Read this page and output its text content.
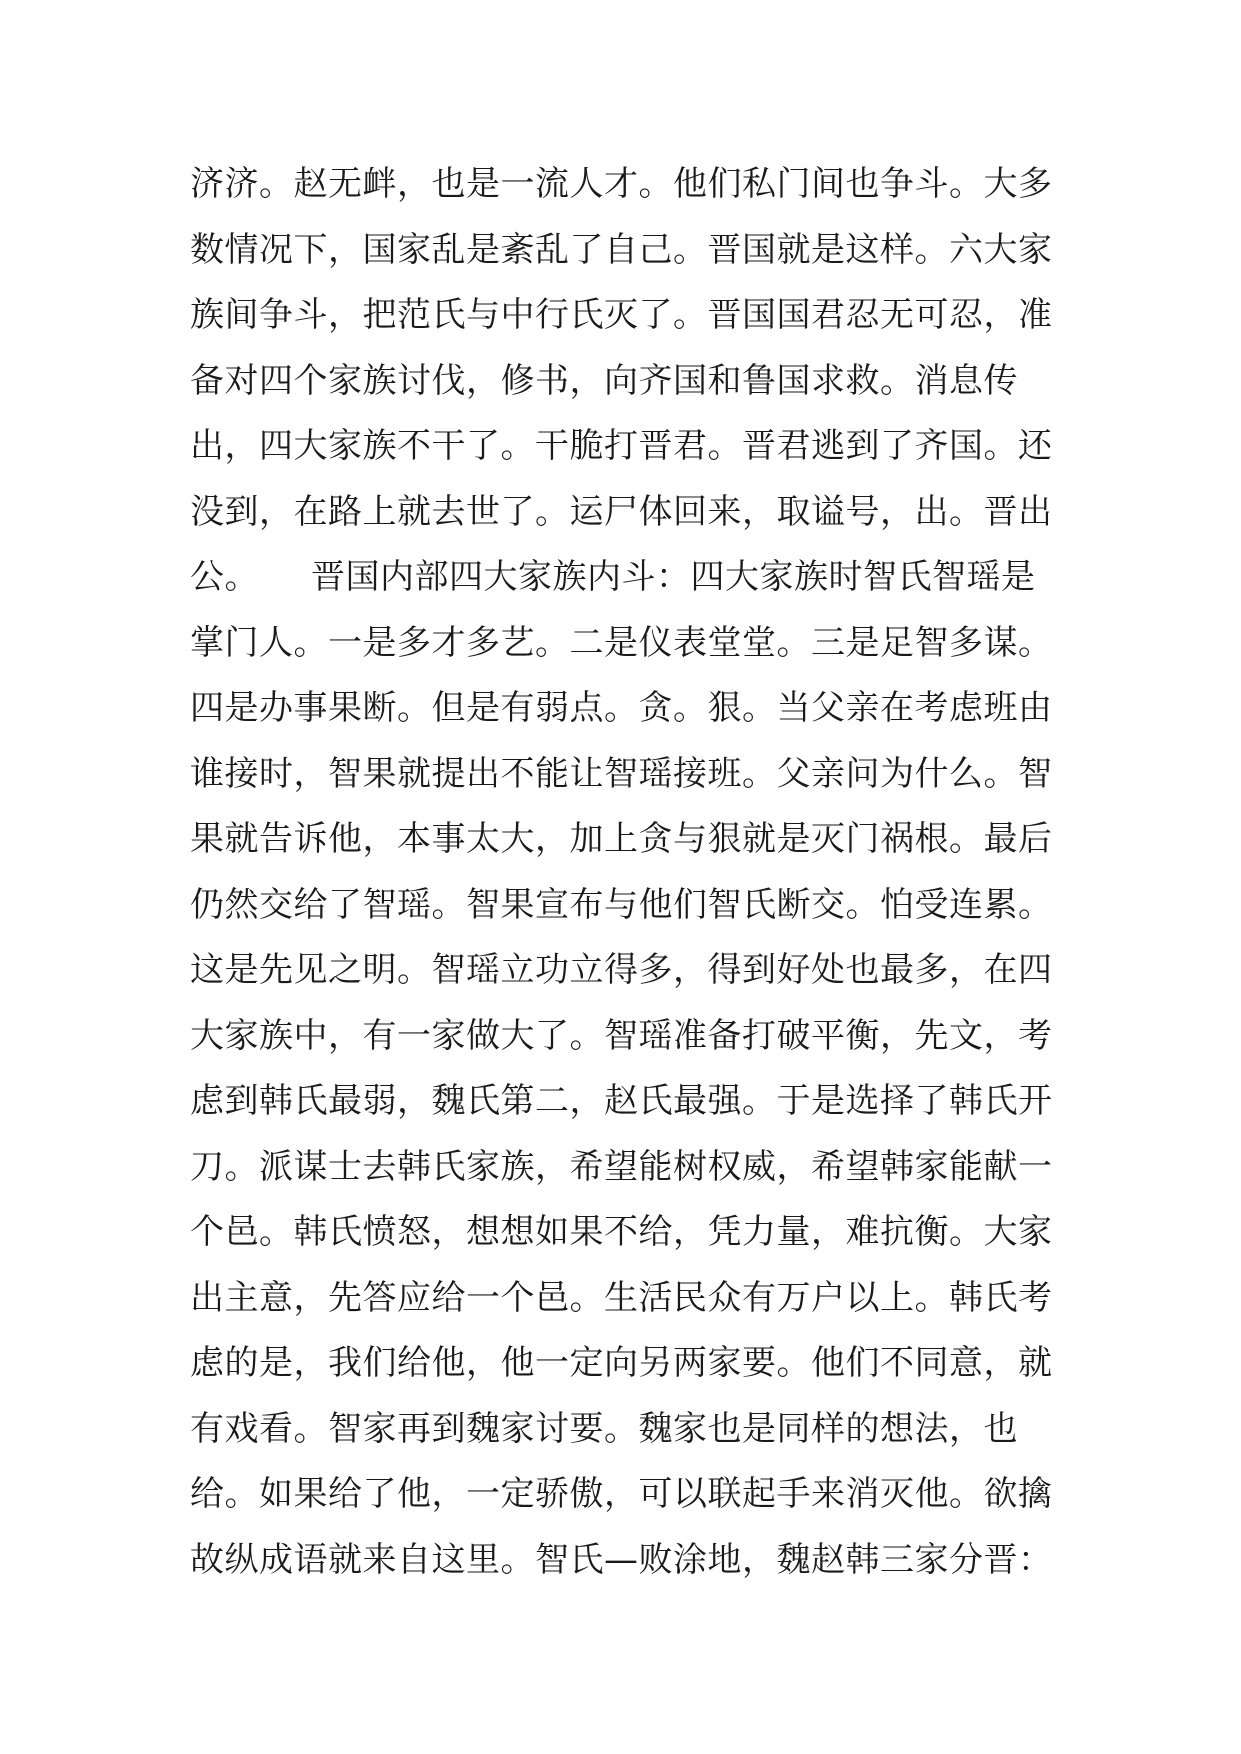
济济。赵无衅，也是一流人才。他们私门间也争斗。大多
数情况下，国家乱是紊乱了自己。晋国就是这样。六大家
族间争斗，把范氏与中行氏灭了。晋国国君忍无可忍，准
备对四个家族讨伐，修书，向齐国和鲁国求救。消息传
出，四大家族不干了。干脆打晋君。晋君逃到了齐国。还
没到，在路上就去世了。运尸体回来，取谥号，出。晋出
公。　　晋国内部四大家族内斗：四大家族时智氏智瑶是
掌门人。一是多才多艺。二是仪表堂堂。三是足智多谋。
四是办事果断。但是有弱点。贪。狠。当父亲在考虑班由
谁接时，智果就提出不能让智瑶接班。父亲问为什么。智
果就告诉他，本事太大，加上贪与狠就是灭门祸根。最后
仍然交给了智瑶。智果宣布与他们智氏断交。怕受连累。
这是先见之明。智瑶立功立得多，得到好处也最多，在四
大家族中，有一家做大了。智瑶准备打破平衡，先文，考
虑到韩氏最弱，魏氏第二，赵氏最强。于是选择了韩氏开
刀。派谋士去韩氏家族，希望能树权威，希望韩家能献一
个邑。韩氏愤怒，想想如果不给，凭力量，难抗衡。大家
出主意，先答应给一个邑。生活民众有万户以上。韩氏考
虑的是，我们给他，他一定向另两家要。他们不同意，就
有戏看。智家再到魏家讨要。魏家也是同样的想法，也
给。如果给了他，一定骄傲，可以联起手来消灭他。欲擒
故纵成语就来自这里。智氏—败涂地，魏赵韩三家分晋：
